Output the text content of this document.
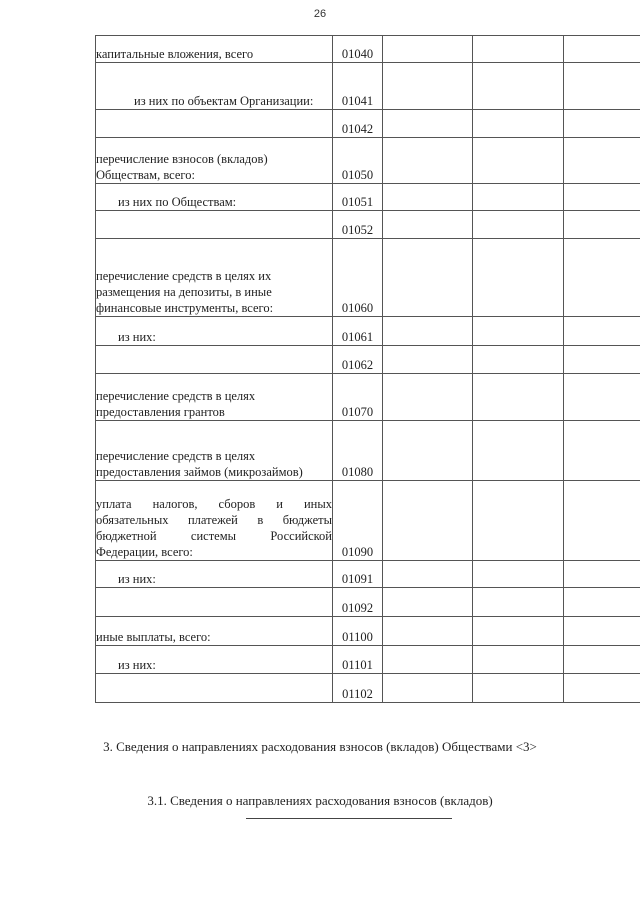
26
капитальные вложения, всего	01040			
из них по объектам Организации:	01041			
	01042			
перечисление взносов (вкладов) Обществам, всего:	01050			
из них по Обществам:	01051			
	01052			
перечисление средств в целях их размещения на депозиты, в иные финансовые инструменты, всего:	01060			
из них:	01061			
	01062			
перечисление средств в целях предоставления грантов	01070			
перечисление средств в целях предоставления займов (микрозаймов)	01080			
уплата налогов, сборов и иных обязательных платежей в бюджеты бюджетной системы Российской Федерации, всего:	01090			
из них:	01091			
	01092			
иные выплаты, всего:	01100			
из них:	01101			
	01102			
3. Сведения о направлениях расходования взносов (вкладов) Обществами <3>
3.1. Сведения о направлениях расходования взносов (вкладов)
